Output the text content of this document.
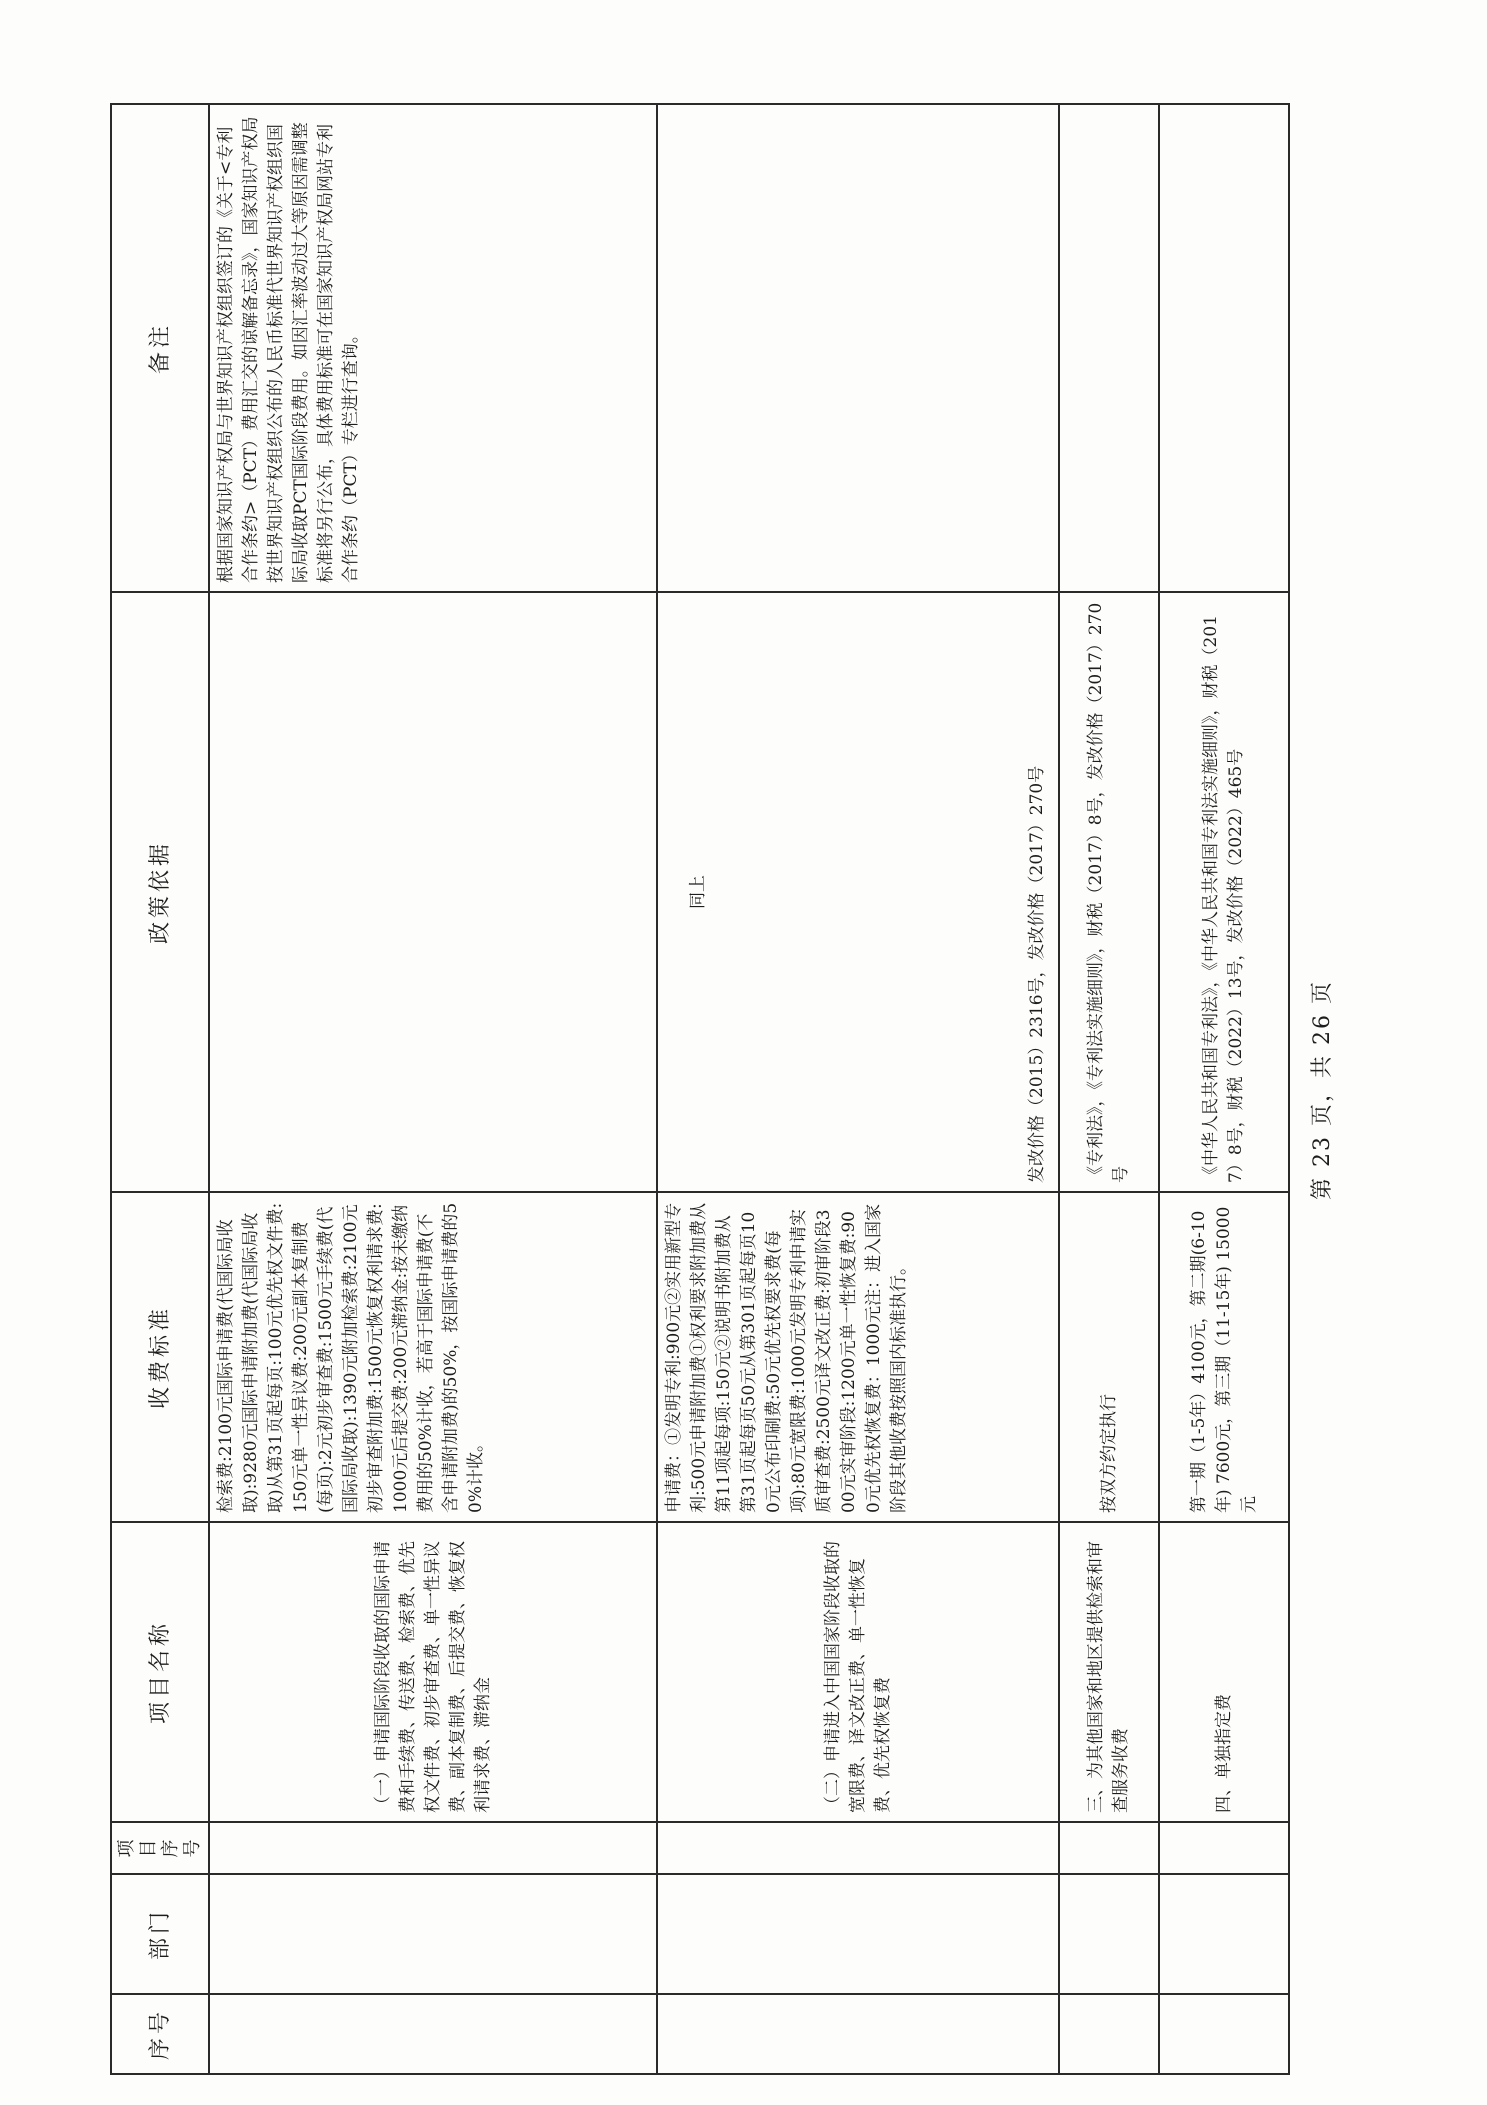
序号	部门	项目序号	项目名称	收费标准	政策依据	备注
			（一）申请国际阶段收取的国际申请费和手续费、传送费、检索费、优先权文件费、初步审查费、单一性异议费、副本复制费、后提交费、恢复权利请求费、滞纳金	检索费:2100元国际申请费(代国际局收取):9280元国际申请附加费(代国际局收取)从第31页起每页:100元优先权文件费:150元单一性异议费:200元副本复制费(每页):2元初步审查费:1500元手续费(代国际局收取):1390元附加检索费:2100元初步审查附加费:1500元恢复权利请求费:1000元后提交费:200元滞纳金:按未缴纳费用的50%计收，若高于国际申请费(不含申请附加费)的50%，按国际申请费的50%计收。		根据国家知识产权局与世界知识产权组织签订的《关于<专利合作条约>（PCT）费用汇交的谅解备忘录》，国家知识产权局按世界知识产权组织公布的人民币标准代世界知识产权组织国际局收取PCT国际阶段费用。如因汇率波动过大等原因需调整标准将另行公布，具体费用标准可在国家知识产权局网站专利合作条约（PCT）专栏进行查询。
			（二）申请进入中国国家阶段收取的宽限费、译文改正费、单一性恢复费、优先权恢复费	申请费：①发明专利:900元②实用新型专利:500元申请附加费①权利要求附加费从第11项起每项:150元②说明书附加费从第31页起每页50元从第301页起每页100元公布印刷费:50元优先权要求费(每项):80元宽限费:1000元发明专利申请实质审查费:2500元译文改正费:初审阶段300元实审阶段:1200元单一性恢复费:900元优先权恢复费：1000元注：进入国家阶段其他收费按照国内标准执行。	同上 发改价格（2015）2316号，发改价格（2017）270号	

			三、为其他国家和地区提供检索和审查服务收费	按双方约定执行	《专利法》，《专利法实施细则》，财税（2017）8号，发改价格（2017）270号	
			四、单独指定费	第一期（1-5年）4100元，第二期(6-10年) 7600元，第三期（11-15年) 15000元	《中华人民共和国专利法》，《中华人民共和国专利法实施细则》，财税（2017）8号，财税（2022）13号，发改价格（2022）465号		第 23 页，共 26 页
